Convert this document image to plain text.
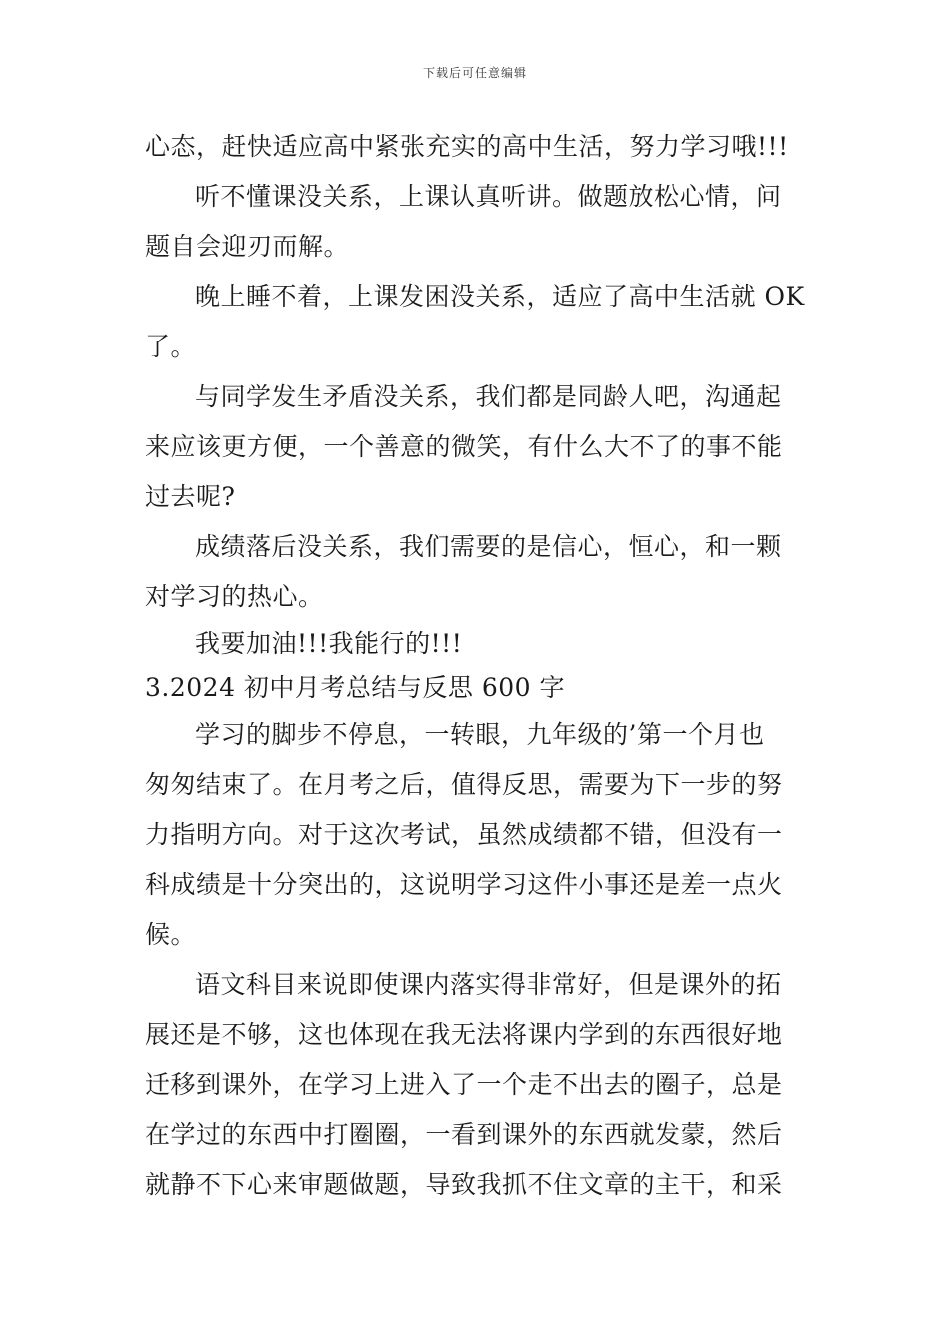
下载后可任意编辑
心态，赶快适应高中紧张充实的高中生活，努力学习哦!!!
听不懂课没关系，上课认真听讲。做题放松心情，问
题自会迎刃而解。
晚上睡不着，上课发困没关系，适应了高中生活就 OK
了。
与同学发生矛盾没关系，我们都是同龄人吧，沟通起
来应该更方便，一个善意的微笑，有什么大不了的事不能
过去呢?
成绩落后没关系，我们需要的是信心，恒心，和一颗
对学习的热心。
我要加油!!!我能行的!!!
3.2024 初中月考总结与反思 600 字
学习的脚步不停息，一转眼，九年级的’第一个月也
匆匆结束了。在月考之后，值得反思，需要为下一步的努
力指明方向。对于这次考试，虽然成绩都不错，但没有一
科成绩是十分突出的，这说明学习这件小事还是差一点火
候。
语文科目来说即使课内落实得非常好，但是课外的拓
展还是不够，这也体现在我无法将课内学到的东西很好地
迁移到课外，在学习上进入了一个走不出去的圈子，总是
在学过的东西中打圈圈，一看到课外的东西就发蒙，然后
就静不下心来审题做题，导致我抓不住文章的主干，和采
